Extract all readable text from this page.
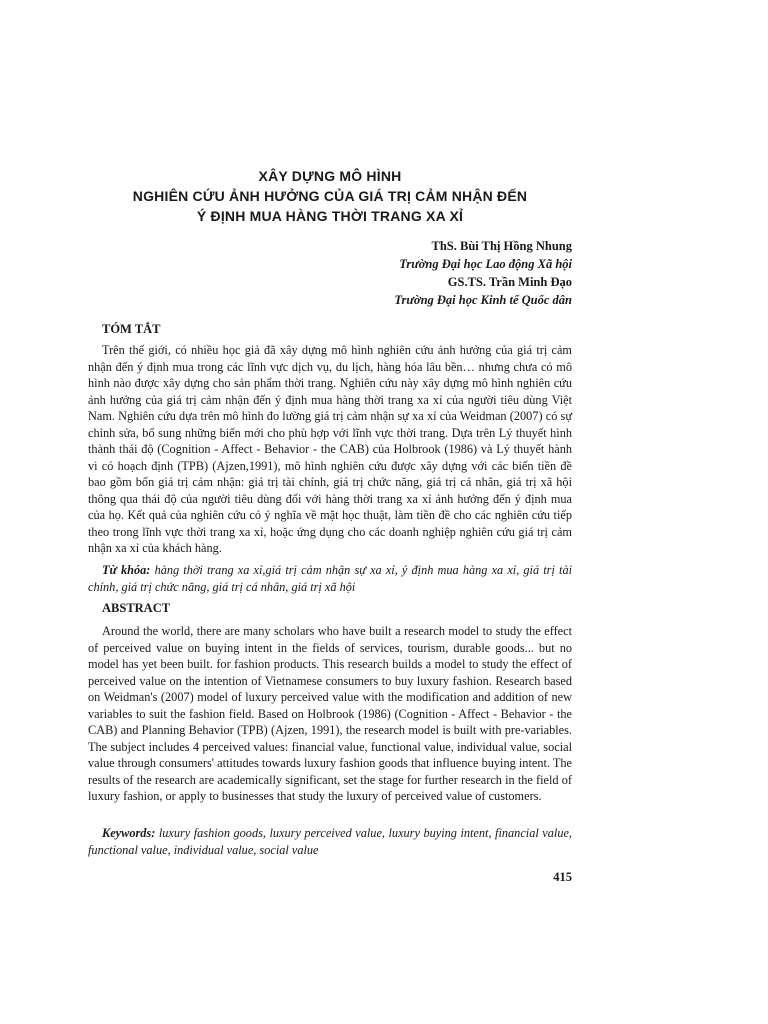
XÂY DỰNG MÔ HÌNH
NGHIÊN CỨU ẢNH HƯỞNG CỦA GIÁ TRỊ CẢM NHẬN ĐẾN
Ý ĐỊNH MUA HÀNG THỜI TRANG XA XỈ
ThS. Bùi Thị Hồng Nhung
Trường Đại học Lao động Xã hội
GS.TS. Trần Minh Đạo
Trường Đại học Kinh tế Quốc dân
TÓM TẮT

Trên thế giới, có nhiều học giả đã xây dựng mô hình nghiên cứu ảnh hưởng của giá trị cảm nhận đến ý định mua trong các lĩnh vực dịch vụ, du lịch, hàng hóa lâu bền… nhưng chưa có mô hình nào được xây dựng cho sản phẩm thời trang. Nghiên cứu này xây dựng mô hình nghiên cứu ảnh hưởng của giá trị cảm nhận đến ý định mua hàng thời trang xa xỉ của người tiêu dùng Việt Nam. Nghiên cứu dựa trên mô hình đo lường giá trị cảm nhận sự xa xỉ của Weidman (2007) có sự chỉnh sửa, bổ sung những biến mới cho phù hợp với lĩnh vực thời trang. Dựa trên Lý thuyết hình thành thái độ (Cognition - Affect - Behavior - the CAB) của Holbrook (1986) và Lý thuyết hành vi có hoạch định (TPB) (Ajzen,1991), mô hình nghiên cứu được xây dựng với các biến tiền đề bao gồm bốn giá trị cảm nhận: giá trị tài chính, giá trị chức năng, giá trị cá nhân, giá trị xã hội thông qua thái độ của người tiêu dùng đối với hàng thời trang xa xỉ ảnh hưởng đến ý định mua của họ. Kết quả của nghiên cứu có ý nghĩa về mặt học thuật, làm tiền đề cho các nghiên cứu tiếp theo trong lĩnh vực thời trang xa xỉ, hoặc ứng dụng cho các doanh nghiệp nghiên cứu giá trị cảm nhận xa xỉ của khách hàng.

Từ khóa: hàng thời trang xa xỉ,giá trị cảm nhận sự xa xỉ, ý định mua hàng xa xỉ, giá trị tài chính, giá trị chức năng, giá trị cá nhân, giá trị xã hội

ABSTRACT

Around the world, there are many scholars who have built a research model to study the effect of perceived value on buying intent in the fields of services, tourism, durable goods... but no model has yet been built. for fashion products. This research builds a model to study the effect of perceived value on the intention of Vietnamese consumers to buy luxury fashion. Research based on Weidman's (2007) model of luxury perceived value with the modification and addition of new variables to suit the fashion field. Based on Holbrook (1986) (Cognition - Affect - Behavior - the CAB) and Planning Behavior (TPB) (Ajzen, 1991), the research model is built with pre-variables. The subject includes 4 perceived values: financial value, functional value, individual value, social value through consumers' attitudes towards luxury fashion goods that influence buying intent. The results of the research are academically significant, set the stage for further research in the field of luxury fashion, or apply to businesses that study the luxury of perceived value of customers.

Keywords: luxury fashion goods, luxury perceived value, luxury buying intent, financial value, functional value, individual value, social value

415
